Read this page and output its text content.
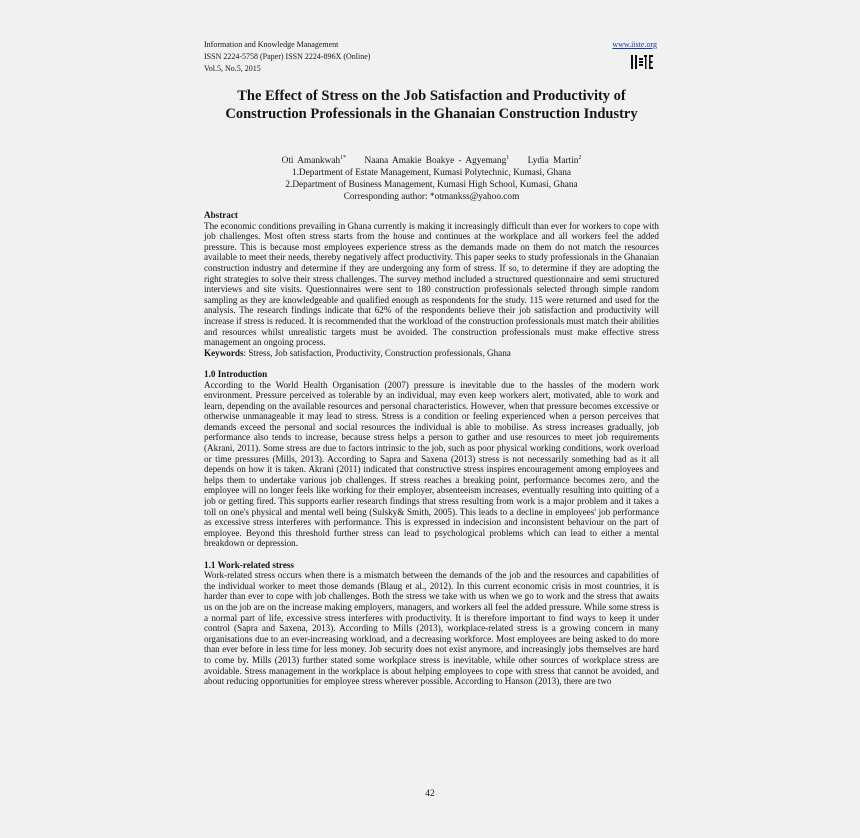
Information and Knowledge Management
ISSN 2224-5758 (Paper) ISSN 2224-896X (Online)
Vol.5, No.5, 2015
www.iiste.org
The Effect of Stress on the Job Satisfaction and Productivity of Construction Professionals in the Ghanaian Construction Industry
Oti Amankwah$^{1*}$ Naana Amakie Boakye - Agyemang$^1$ Lydia Martin$^2$
1.Department of Estate Management, Kumasi Polytechnic, Kumasi, Ghana
2.Department of Business Management, Kumasi High School, Kumasi, Ghana
Corresponding author: *otmankss@yahoo.com
Abstract

The economic conditions prevailing in Ghana currently is making it increasingly difficult than ever for workers to cope with job challenges. Most often stress starts from the house and continues at the workplace and all workers feel the added pressure. This is because most employees experience stress as the demands made on them do not match the resources available to meet their needs, thereby negatively affect productivity. This paper seeks to study professionals in the Ghanaian construction industry and determine if they are undergoing any form of stress. If so, to determine if they are adopting the right strategies to solve their stress challenges. The survey method included a structured questionnaire and semi structured interviews and site visits. Questionnaires were sent to 180 construction professionals selected through simple random sampling as they are knowledgeable and qualified enough as respondents for the study. 115 were returned and used for the analysis. The research findings indicate that 62% of the respondents believe their job satisfaction and productivity will increase if stress is reduced. It is recommended that the workload of the construction professionals must match their abilities and resources whilst unrealistic targets must be avoided. The construction professionals must make effective stress management an ongoing process.

Keywords: Stress, Job satisfaction, Productivity, Construction professionals, Ghana

1.0 Introduction

According to the World Health Organisation (2007) pressure is inevitable due to the hassles of the modern work environment. Pressure perceived as tolerable by an individual, may even keep workers alert, motivated, able to work and learn, depending on the available resources and personal characteristics. However, when that pressure becomes excessive or otherwise unmanageable it may lead to stress. Stress is a condition or feeling experienced when a person perceives that demands exceed the personal and social resources the individual is able to mobilise. As stress increases gradually, job performance also tends to increase, because stress helps a person to gather and use resources to meet job requirements (Akrani, 2011). Some stress are due to factors intrinsic to the job, such as poor physical working conditions, work overload or time pressures (Mills, 2013). According to Sapra and Saxena (2013) stress is not necessarily something bad as it all depends on how it is taken. Akrani (2011) indicated that constructive stress inspires encouragement among employees and helps them to undertake various job challenges. If stress reaches a breaking point, performance becomes zero, and the employee will no longer feels like working for their employer, absenteeism increases, eventually resulting into quitting of a job or getting fired. This supports earlier research findings that stress resulting from work is a major problem and it takes a toll on one's physical and mental well being (Sulsky& Smith, 2005). This leads to a decline in employees' job performance as excessive stress interferes with performance. This is expressed in indecision and inconsistent behaviour on the part of employee. Beyond this threshold further stress can lead to psychological problems which can lead to either a mental breakdown or depression.

1.1 Work-related stress

Work-related stress occurs when there is a mismatch between the demands of the job and the resources and capabilities of the individual worker to meet those demands (Blaug et al., 2012). In this current economic crisis in most countries, it is harder than ever to cope with job challenges. Both the stress we take with us when we go to work and the stress that awaits us on the job are on the increase making employers, managers, and workers all feel the added pressure. While some stress is a normal part of life, excessive stress interferes with productivity. It is therefore important to find ways to keep it under control (Sapra and Saxena, 2013). According to Mills (2013), workplace-related stress is a growing concern in many organisations due to an ever-increasing workload, and a decreasing workforce. Most employees are being asked to do more than ever before in less time for less money. Job security does not exist anymore, and increasingly jobs themselves are hard to come by. Mills (2013) further stated some workplace stress is inevitable, while other sources of workplace stress are avoidable. Stress management in the workplace is about helping employees to cope with stress that cannot be avoided, and about reducing opportunities for employee stress wherever possible. According to Hanson (2013), there are two

42
